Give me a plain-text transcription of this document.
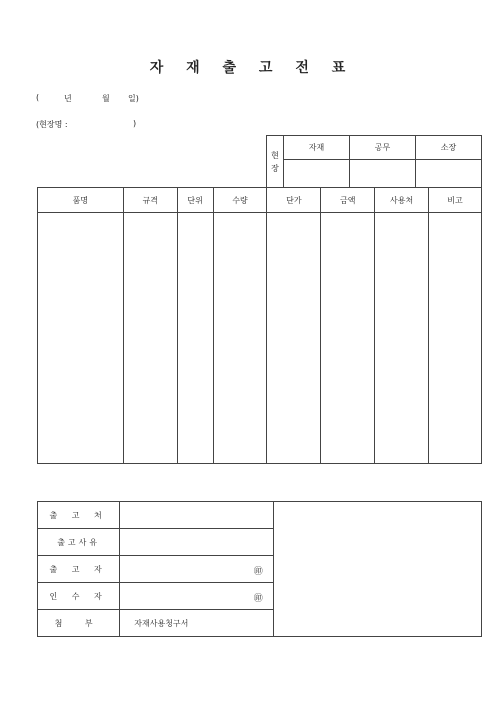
자 재 출 고 전 표
(	년	월 일)
(현장명 :	)
현
장	자재	공무	소장

품명	규격	단위	수량	단가	금액	사용처	비고

출 고 처		
출고사유		
출 고 자	㊞	

인 수 자	㊞	

첨 부	자재사용청구서	
